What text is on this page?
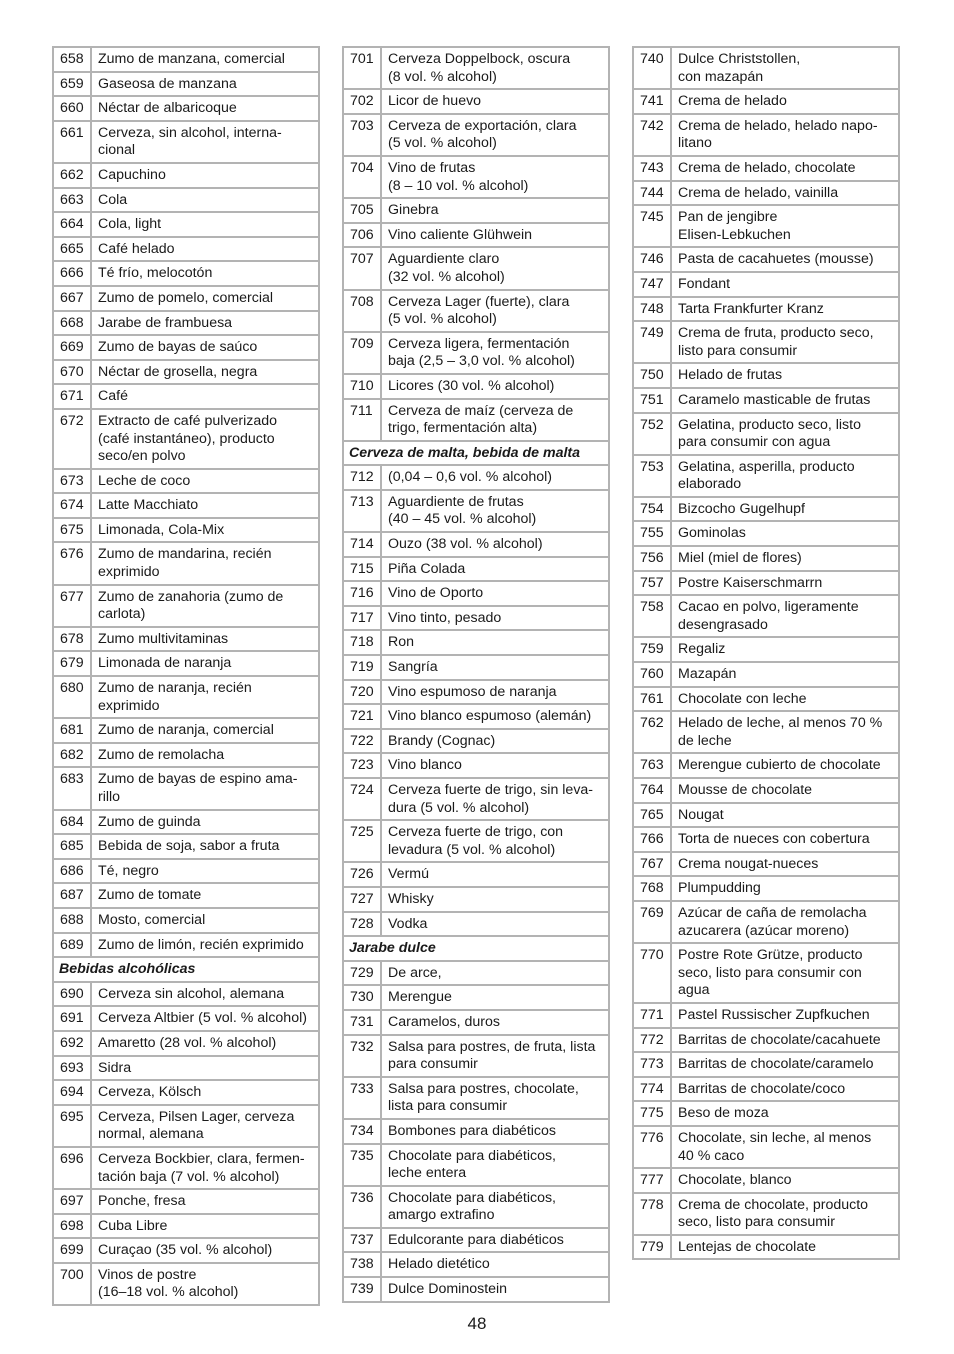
658	Zumo de manzana, comercial
659	Gaseosa de manzana
660	Néctar de albaricoque
661	Cerveza, sin alcohol, interna-
cional
662	Capuchino
663	Cola
664	Cola, light
665	Café helado
666	Té frío, melocotón
667	Zumo de pomelo, comercial
668	Jarabe de frambuesa
669	Zumo de bayas de saúco
670	Néctar de grosella, negra
671	Café
672	Extracto de café pulverizado
(café instantáneo), producto
seco/en polvo
673	Leche de coco
674	Latte Macchiato
675	Limonada, Cola-Mix
676	Zumo de mandarina, recién
exprimido
677	Zumo de zanahoria (zumo de
carlota)
678	Zumo multivitaminas
679	Limonada de naranja
680	Zumo de naranja, recién
exprimido
681	Zumo de naranja, comercial
682	Zumo de remolacha
683	Zumo de bayas de espino ama-
rillo
684	Zumo de guinda
685	Bebida de soja, sabor a fruta
686	Té, negro
687	Zumo de tomate
688	Mosto, comercial
689	Zumo de limón, recién exprimido
Bebidas alcohólicas
690	Cerveza sin alcohol, alemana
691	Cerveza Altbier (5 vol. % alcohol)
692	Amaretto (28 vol. % alcohol)
693	Sidra
694	Cerveza, Kölsch
695	Cerveza, Pilsen Lager, cerveza
normal, alemana
696	Cerveza Bockbier, clara, fermen-
tación baja (7 vol. % alcohol)
697	Ponche, fresa
698	Cuba Libre
699	Curaçao (35 vol. % alcohol)
700	Vinos de postre
(16–18 vol. % alcohol)
701	Cerveza Doppelbock, oscura
(8 vol. % alcohol)
702	Licor de huevo
703	Cerveza de exportación, clara
(5 vol. % alcohol)
704	Vino de frutas
(8 – 10 vol. % alcohol)
705	Ginebra
706	Vino caliente Glühwein
707	Aguardiente claro
(32 vol. % alcohol)
708	Cerveza Lager (fuerte), clara
(5 vol. % alcohol)
709	Cerveza ligera, fermentación
baja (2,5 – 3,0 vol. % alcohol)
710	Licores (30 vol. % alcohol)
711	Cerveza de maíz (cerveza de
trigo, fermentación alta)
Cerveza de malta, bebida de malta
712	(0,04 – 0,6 vol. % alcohol)
713	Aguardiente de frutas
(40 – 45 vol. % alcohol)
714	Ouzo (38 vol. % alcohol)
715	Piña Colada
716	Vino de Oporto
717	Vino tinto, pesado
718	Ron
719	Sangría
720	Vino espumoso de naranja
721	Vino blanco espumoso (alemán)
722	Brandy (Cognac)
723	Vino blanco
724	Cerveza fuerte de trigo, sin leva-
dura (5 vol. % alcohol)
725	Cerveza fuerte de trigo, con
levadura (5 vol. % alcohol)
726	Vermú
727	Whisky
728	Vodka
Jarabe dulce
729	De arce,
730	Merengue
731	Caramelos, duros
732	Salsa para postres, de fruta, lista
para consumir
733	Salsa para postres, chocolate,
lista para consumir
734	Bombones para diabéticos
735	Chocolate para diabéticos,
leche entera
736	Chocolate para diabéticos,
amargo extrafino
737	Edulcorante para diabéticos
738	Helado dietético
739	Dulce Dominostein
740	Dulce Christstollen,
con mazapán
741	Crema de helado
742	Crema de helado, helado napo-
litano
743	Crema de helado, chocolate
744	Crema de helado, vainilla
745	Pan de jengibre
Elisen-Lebkuchen
746	Pasta de cacahuetes (mousse)
747	Fondant
748	Tarta Frankfurter Kranz
749	Crema de fruta, producto seco,
listo para consumir
750	Helado de frutas
751	Caramelo masticable de frutas
752	Gelatina, producto seco, listo
para consumir con agua
753	Gelatina, asperilla, producto
elaborado
754	Bizcocho Gugelhupf
755	Gominolas
756	Miel (miel de flores)
757	Postre Kaiserschmarrn
758	Cacao en polvo, ligeramente
desengrasado
759	Regaliz
760	Mazapán
761	Chocolate con leche
762	Helado de leche, al menos 70 %
de leche
763	Merengue cubierto de chocolate
764	Mousse de chocolate
765	Nougat
766	Torta de nueces con cobertura
767	Crema nougat-nueces
768	Plumpudding
769	Azúcar de caña de remolacha
azucarera (azúcar moreno)
770	Postre Rote Grütze, producto
seco, listo para consumir con
agua
771	Pastel Russischer Zupfkuchen
772	Barritas de chocolate/cacahuete
773	Barritas de chocolate/caramelo
774	Barritas de chocolate/coco
775	Beso de moza
776	Chocolate, sin leche, al menos
40 % caco
777	Chocolate, blanco
778	Crema de chocolate, producto
seco, listo para consumir
779	Lentejas de chocolate
48
